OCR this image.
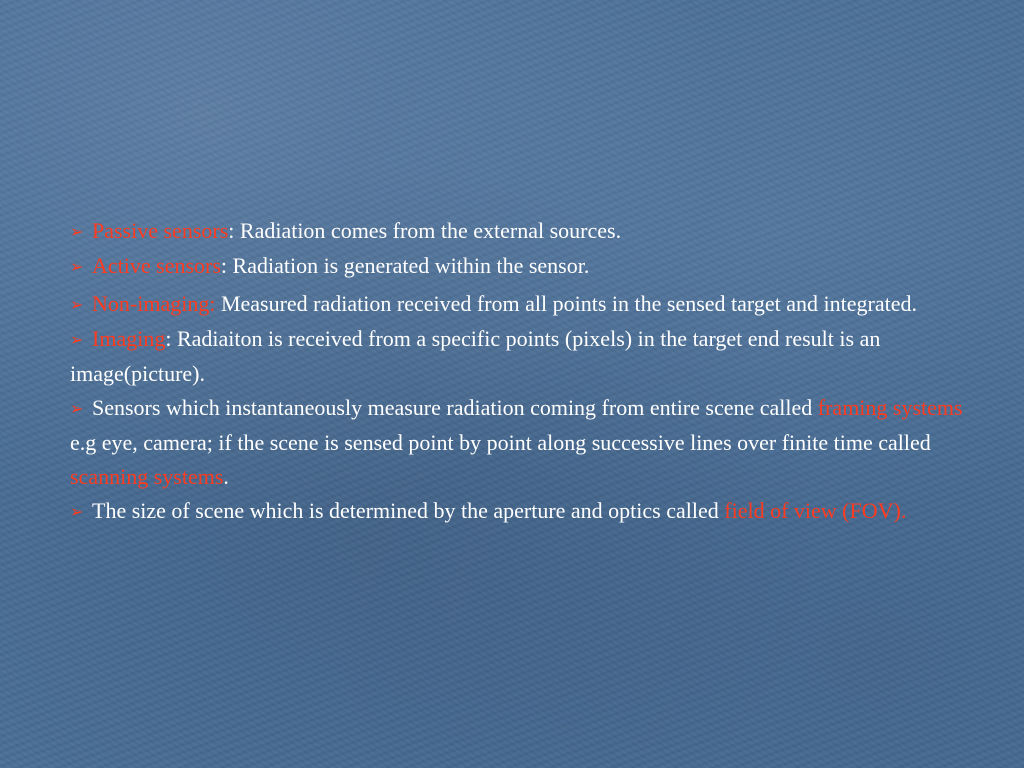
➢ Passive sensors: Radiation comes from the external sources.

➢ Active sensors: Radiation is generated within the sensor.

➢ Non-imaging: Measured radiation received from all points in the sensed target and integrated.

➢ Imaging: Radiaiton is received from a specific points (pixels) in the target end result is an image(picture).

➢ Sensors which instantaneously measure radiation coming from entire scene called framing systems e.g eye, camera; if the scene is sensed point by point along successive lines over finite time called scanning systems.

➢ The size of scene which is determined by the aperture and optics called field of view (FOV).
